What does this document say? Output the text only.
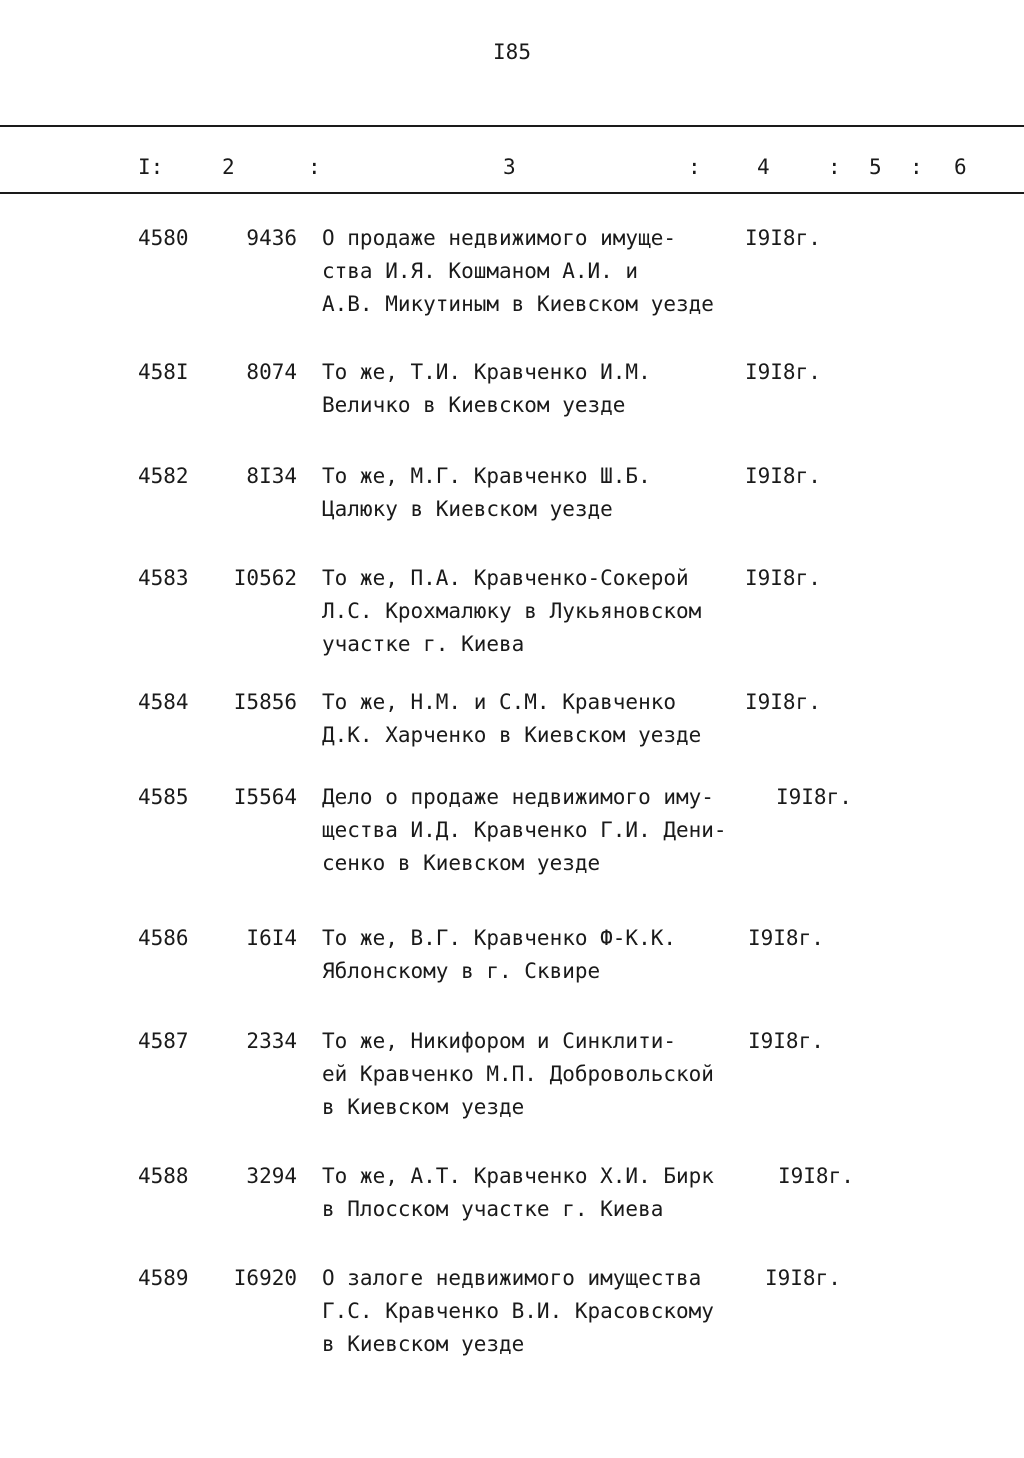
I85
I:	2	:	3	:	4	: 5 : 6
4580	9436 О продаже недвижимого имуще-
ства И.Я. Кошманом А.И. и
А.В. Микутиным в Киевском уезде
I9I8г.
458I	8074 То же, Т.И. Кравченко И.М.
Величко в Киевском уезде
I9I8г.
4582	8I34 То же, М.Г. Кравченко Ш.Б.
Цалюку в Киевском уезде
I9I8г.
4583	I0562 То же, П.А. Кравченко-Сокерой
Л.С. Крохмалюку в Лукьяновском
участке г. Киева
I9I8г.
4584	I5856 То же, Н.М. и С.М. Кравченко
Д.К. Харченко в Киевском уезде
I9I8г.
4585	I5564 Дело о продаже недвижимого иму-
щества И.Д. Кравченко Г.И. Дени-
сенко в Киевском уезде
I9I8г.
4586	I6I4 То же, В.Г. Кравченко Ф-К.К.
Яблонскому в г. Сквире
I9I8г.
4587	2334 То же, Никифором и Синклити-
ей Кравченко М.П. Добровольской
в Киевском уезде
I9I8г.
4588	3294 То же, А.Т. Кравченко Х.И. Бирк
в Плосском участке г. Киева
I9I8г.
4589	I6920 О залоге недвижимого имущества
Г.С. Кравченко В.И. Красовскому
в Киевском уезде
I9I8г.
